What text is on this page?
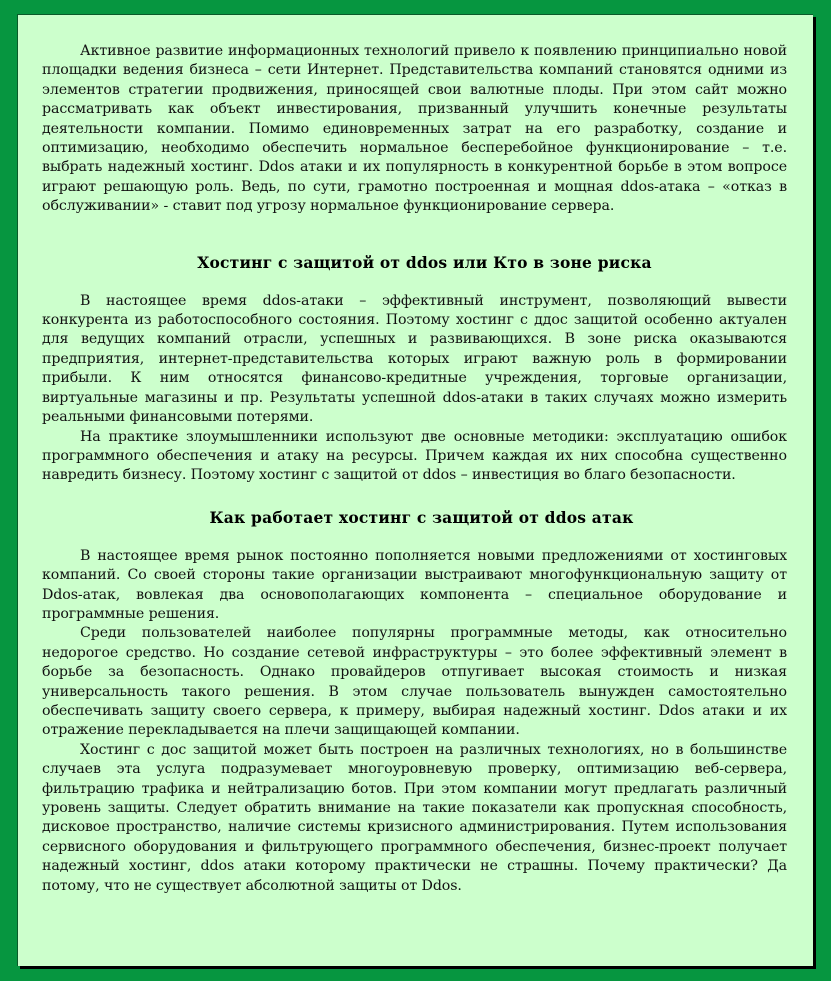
Активное развитие информационных технологий привело к появлению принципиально новой площадки ведения бизнеса – сети Интернет. Представительства компаний становятся одними из элементов стратегии продвижения, приносящей свои валютные плоды. При этом сайт можно рассматривать как объект инвестирования, призванный улучшить конечные результаты деятельности компании. Помимо единовременных затрат на его разработку, создание и оптимизацию, необходимо обеспечить нормальное бесперебойное функционирование – т.е. выбрать надежный хостинг. Ddos атаки и их популярность в конкурентной борьбе в этом вопросе играют решающую роль. Ведь, по сути, грамотно построенная и мощная ddos-атака – «отказ в обслуживании» - ставит под угрозу нормальное функционирование сервера.

Хостинг с защитой от ddos или Кто в зоне риска

В настоящее время ddos-атаки – эффективный инструмент, позволяющий вывести конкурента из работоспособного состояния. Поэтому хостинг с ддос защитой особенно актуален для ведущих компаний отрасли, успешных и развивающихся. В зоне риска оказываются предприятия, интернет-представительства которых играют важную роль в формировании прибыли. К ним относятся финансово-кредитные учреждения, торговые организации, виртуальные магазины и пр. Результаты успешной ddos-атаки в таких случаях можно измерить реальными финансовыми потерями.

На практике злоумышленники используют две основные методики: эксплуатацию ошибок программного обеспечения и атаку на ресурсы. Причем каждая их них способна существенно навредить бизнесу. Поэтому хостинг с защитой от ddos – инвестиция во благо безопасности.

Как работает хостинг с защитой от ddos атак

В настоящее время рынок постоянно пополняется новыми предложениями от хостинговых компаний. Со своей стороны такие организации выстраивают многофункциональную защиту от Ddos-атак, вовлекая два основополагающих компонента – специальное оборудование и программные решения.

Среди пользователей наиболее популярны программные методы, как относительно недорогое средство. Но создание сетевой инфраструктуры – это более эффективный элемент в борьбе за безопасность. Однако провайдеров отпугивает высокая стоимость и низкая универсальность такого решения. В этом случае пользователь вынужден самостоятельно обеспечивать защиту своего сервера, к примеру, выбирая надежный хостинг. Ddos атаки и их отражение перекладывается на плечи защищающей компании.

Хостинг с дос защитой может быть построен на различных технологиях, но в большинстве случаев эта услуга подразумевает многоуровневую проверку, оптимизацию веб-сервера, фильтрацию трафика и нейтрализацию ботов. При этом компании могут предлагать различный уровень защиты. Следует обратить внимание на такие показатели как пропускная способность, дисковое пространство, наличие системы кризисного администрирования. Путем использования сервисного оборудования и фильтрующего программного обеспечения, бизнес-проект получает надежный хостинг, ddos атаки которому практически не страшны. Почему практически? Да потому, что не существует абсолютной защиты от Ddos.
